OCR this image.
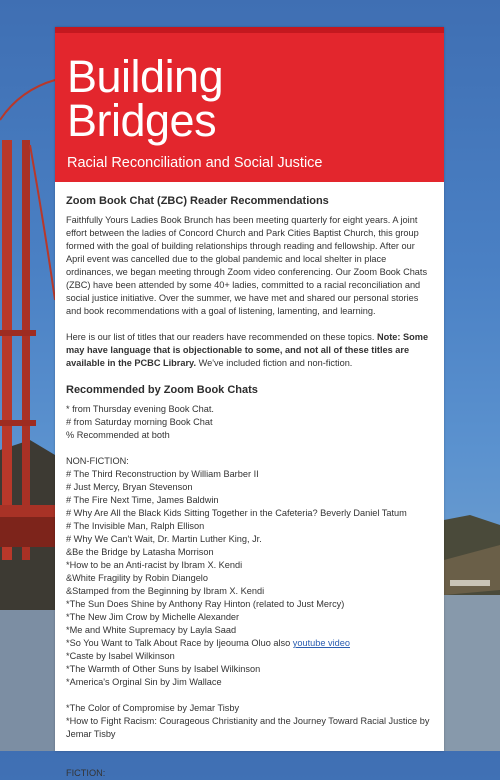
Building
Bridges
Racial Reconciliation and Social Justice
Zoom Book Chat (ZBC) Reader Recommendations

Faithfully Yours Ladies Book Brunch has been meeting quarterly for eight years. A joint effort between the ladies of Concord Church and Park Cities Baptist Church, this group formed with the goal of building relationships through reading and fellowship. After our April event was cancelled due to the global pandemic and local shelter in place ordinances, we began meeting through Zoom video conferencing. Our Zoom Book Chats (ZBC) have been attended by some 40+ ladies, committed to a racial reconciliation and social justice initiative. Over the summer, we have met and shared our personal stories and book recommendations with a goal of listening, lamenting, and learning.

Here is our list of titles that our readers have recommended on these topics. Note: Some may have language that is objectionable to some, and not all of these titles are available in the PCBC Library. We've included fiction and non-fiction.

Recommended by Zoom Book Chats
* from Thursday evening Book Chat.
# from Saturday morning Book Chat
% Recommended at both
NON-FICTION:
# The Third Reconstruction by William Barber II
# Just Mercy, Bryan Stevenson
# The Fire Next Time, James Baldwin
# Why Are All the Black Kids Sitting Together in the Cafeteria? Beverly Daniel Tatum
# The Invisible Man, Ralph Ellison
# Why We Can't Wait, Dr. Martin Luther King, Jr.
&Be the Bridge by Latasha Morrison
*How to be an Anti-racist by Ibram X. Kendi
&White Fragility by Robin Diangelo
&Stamped from the Beginning by Ibram X. Kendi
*The Sun Does Shine by Anthony Ray Hinton (related to Just Mercy)
*The New Jim Crow by Michelle Alexander
*Me and White Supremacy by Layla Saad
*So You Want to Talk About Race by Ijeouma Oluo also youtube video
*Caste by Isabel Wilkinson
*The Warmth of Other Suns by Isabel Wilkinson
*America's Orginal Sin by Jim Wallace
*The Color of Compromise by Jemar Tisby
*How to Fight Racism: Courageous Christianity and the Journey Toward Racial Justice by Jemar Tisby
FICTION:
